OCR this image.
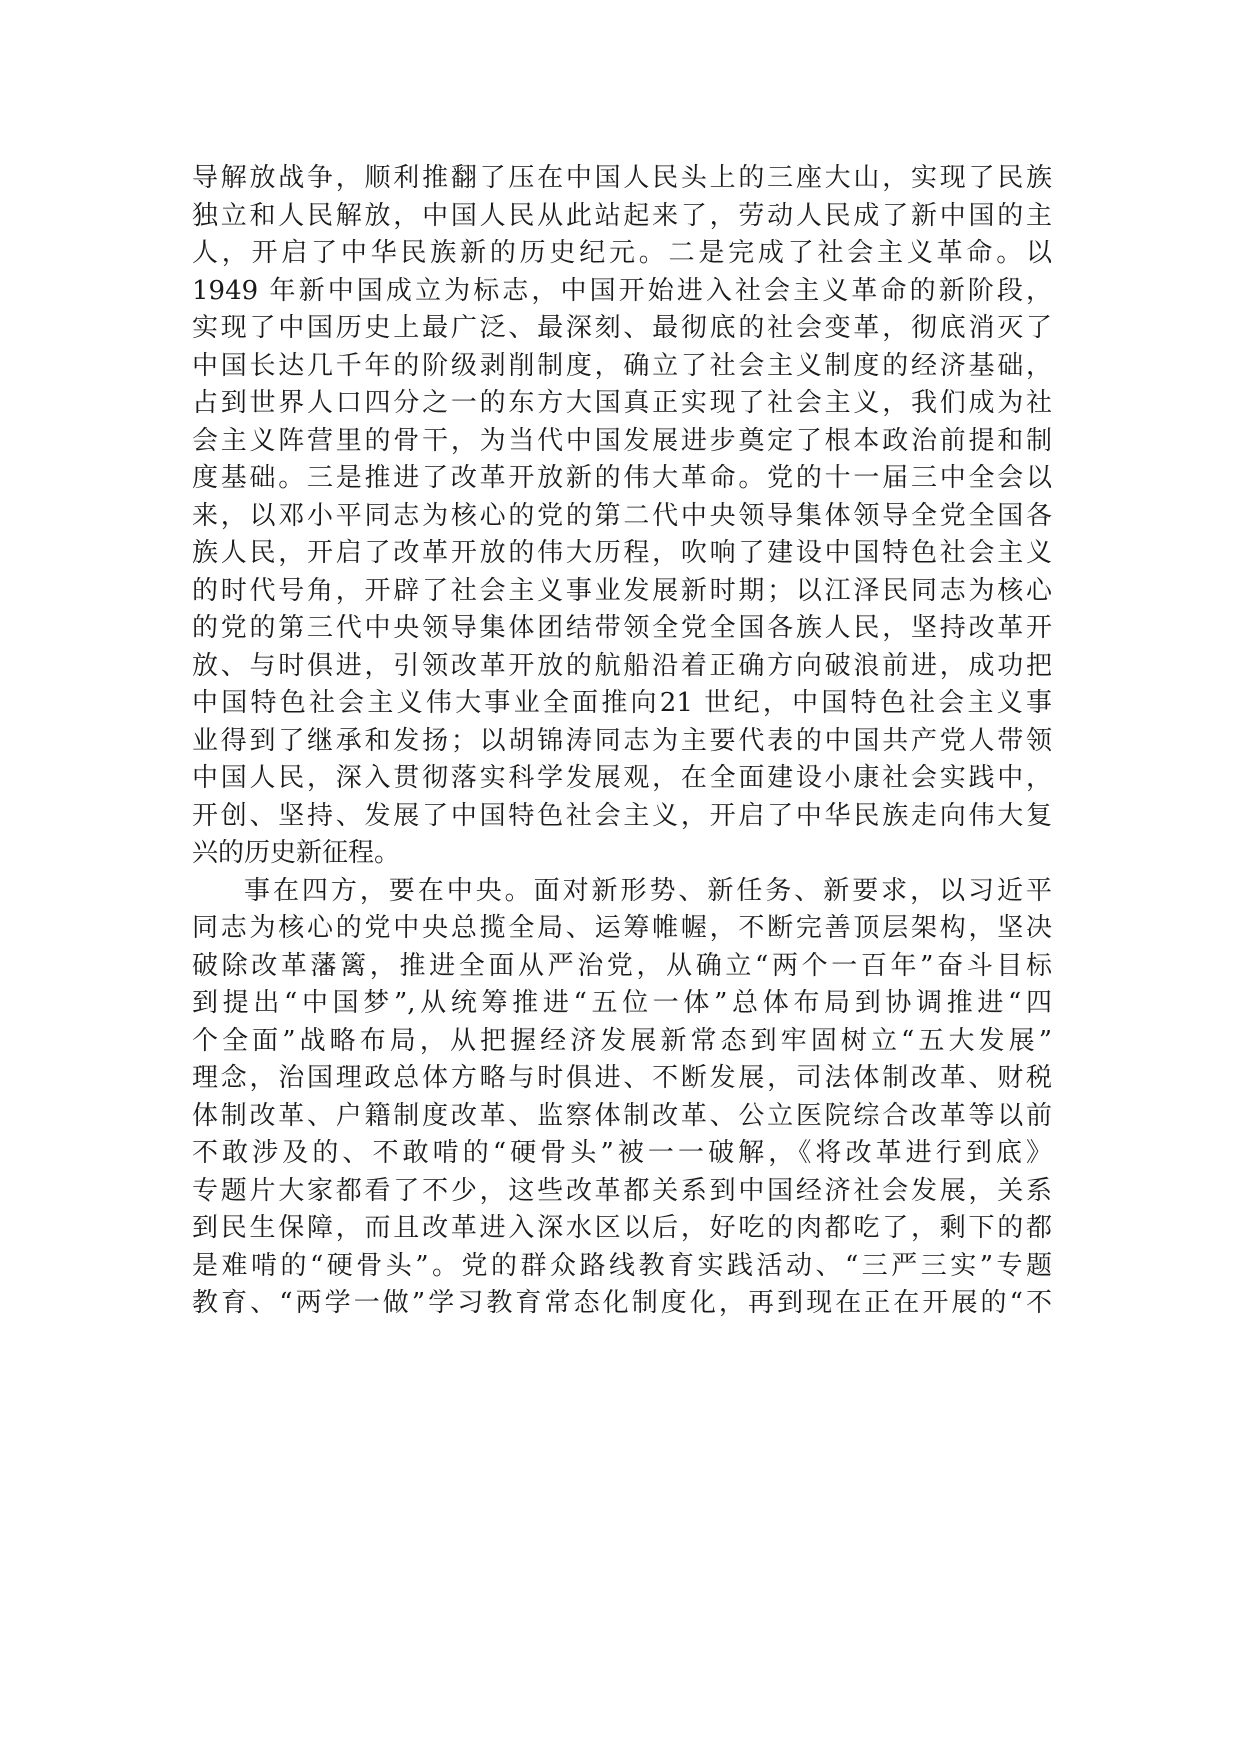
导解放战争，顺利推翻了压在中国人民头上的三座大山，实现了民族
独立和人民解放，中国人民从此站起来了，劳动人民成了新中国的主
人，开启了中华民族新的历史纪元。二是完成了社会主义革命。以
1949 年新中国成立为标志，中国开始进入社会主义革命的新阶段，
实现了中国历史上最广泛、最深刻、最彻底的社会变革，彻底消灭了
中国长达几千年的阶级剥削制度，确立了社会主义制度的经济基础，
占到世界人口四分之一的东方大国真正实现了社会主义，我们成为社
会主义阵营里的骨干，为当代中国发展进步奠定了根本政治前提和制
度基础。三是推进了改革开放新的伟大革命。党的十一届三中全会以
来，以邓小平同志为核心的党的第二代中央领导集体领导全党全国各
族人民，开启了改革开放的伟大历程，吹响了建设中国特色社会主义
的时代号角，开辟了社会主义事业发展新时期；以江泽民同志为核心
的党的第三代中央领导集体团结带领全党全国各族人民，坚持改革开
放、与时俱进，引领改革开放的航船沿着正确方向破浪前进，成功把
中国特色社会主义伟大事业全面推向21 世纪，中国特色社会主义事
业得到了继承和发扬；以胡锦涛同志为主要代表的中国共产党人带领
中国人民，深入贯彻落实科学发展观，在全面建设小康社会实践中，
开创、坚持、发展了中国特色社会主义，开启了中华民族走向伟大复
兴的历史新征程。
事在四方，要在中央。面对新形势、新任务、新要求，以习近平
同志为核心的党中央总揽全局、运筹帷幄，不断完善顶层架构，坚决
破除改革藩篱，推进全面从严治党，从确立“两个一百年”奋斗目标
到提出“中国梦”,从统筹推进“五位一体”总体布局到协调推进“四
个全面”战略布局，从把握经济发展新常态到牢固树立“五大发展”
理念，治国理政总体方略与时俱进、不断发展，司法体制改革、财税
体制改革、户籍制度改革、监察体制改革、公立医院综合改革等以前
不敢涉及的、不敢啃的“硬骨头”被一一破解，《将改革进行到底》
专题片大家都看了不少，这些改革都关系到中国经济社会发展，关系
到民生保障，而且改革进入深水区以后，好吃的肉都吃了，剩下的都
是难啃的“硬骨头”。党的群众路线教育实践活动、“三严三实”专题
教育、“两学一做”学习教育常态化制度化，再到现在正在开展的“不
